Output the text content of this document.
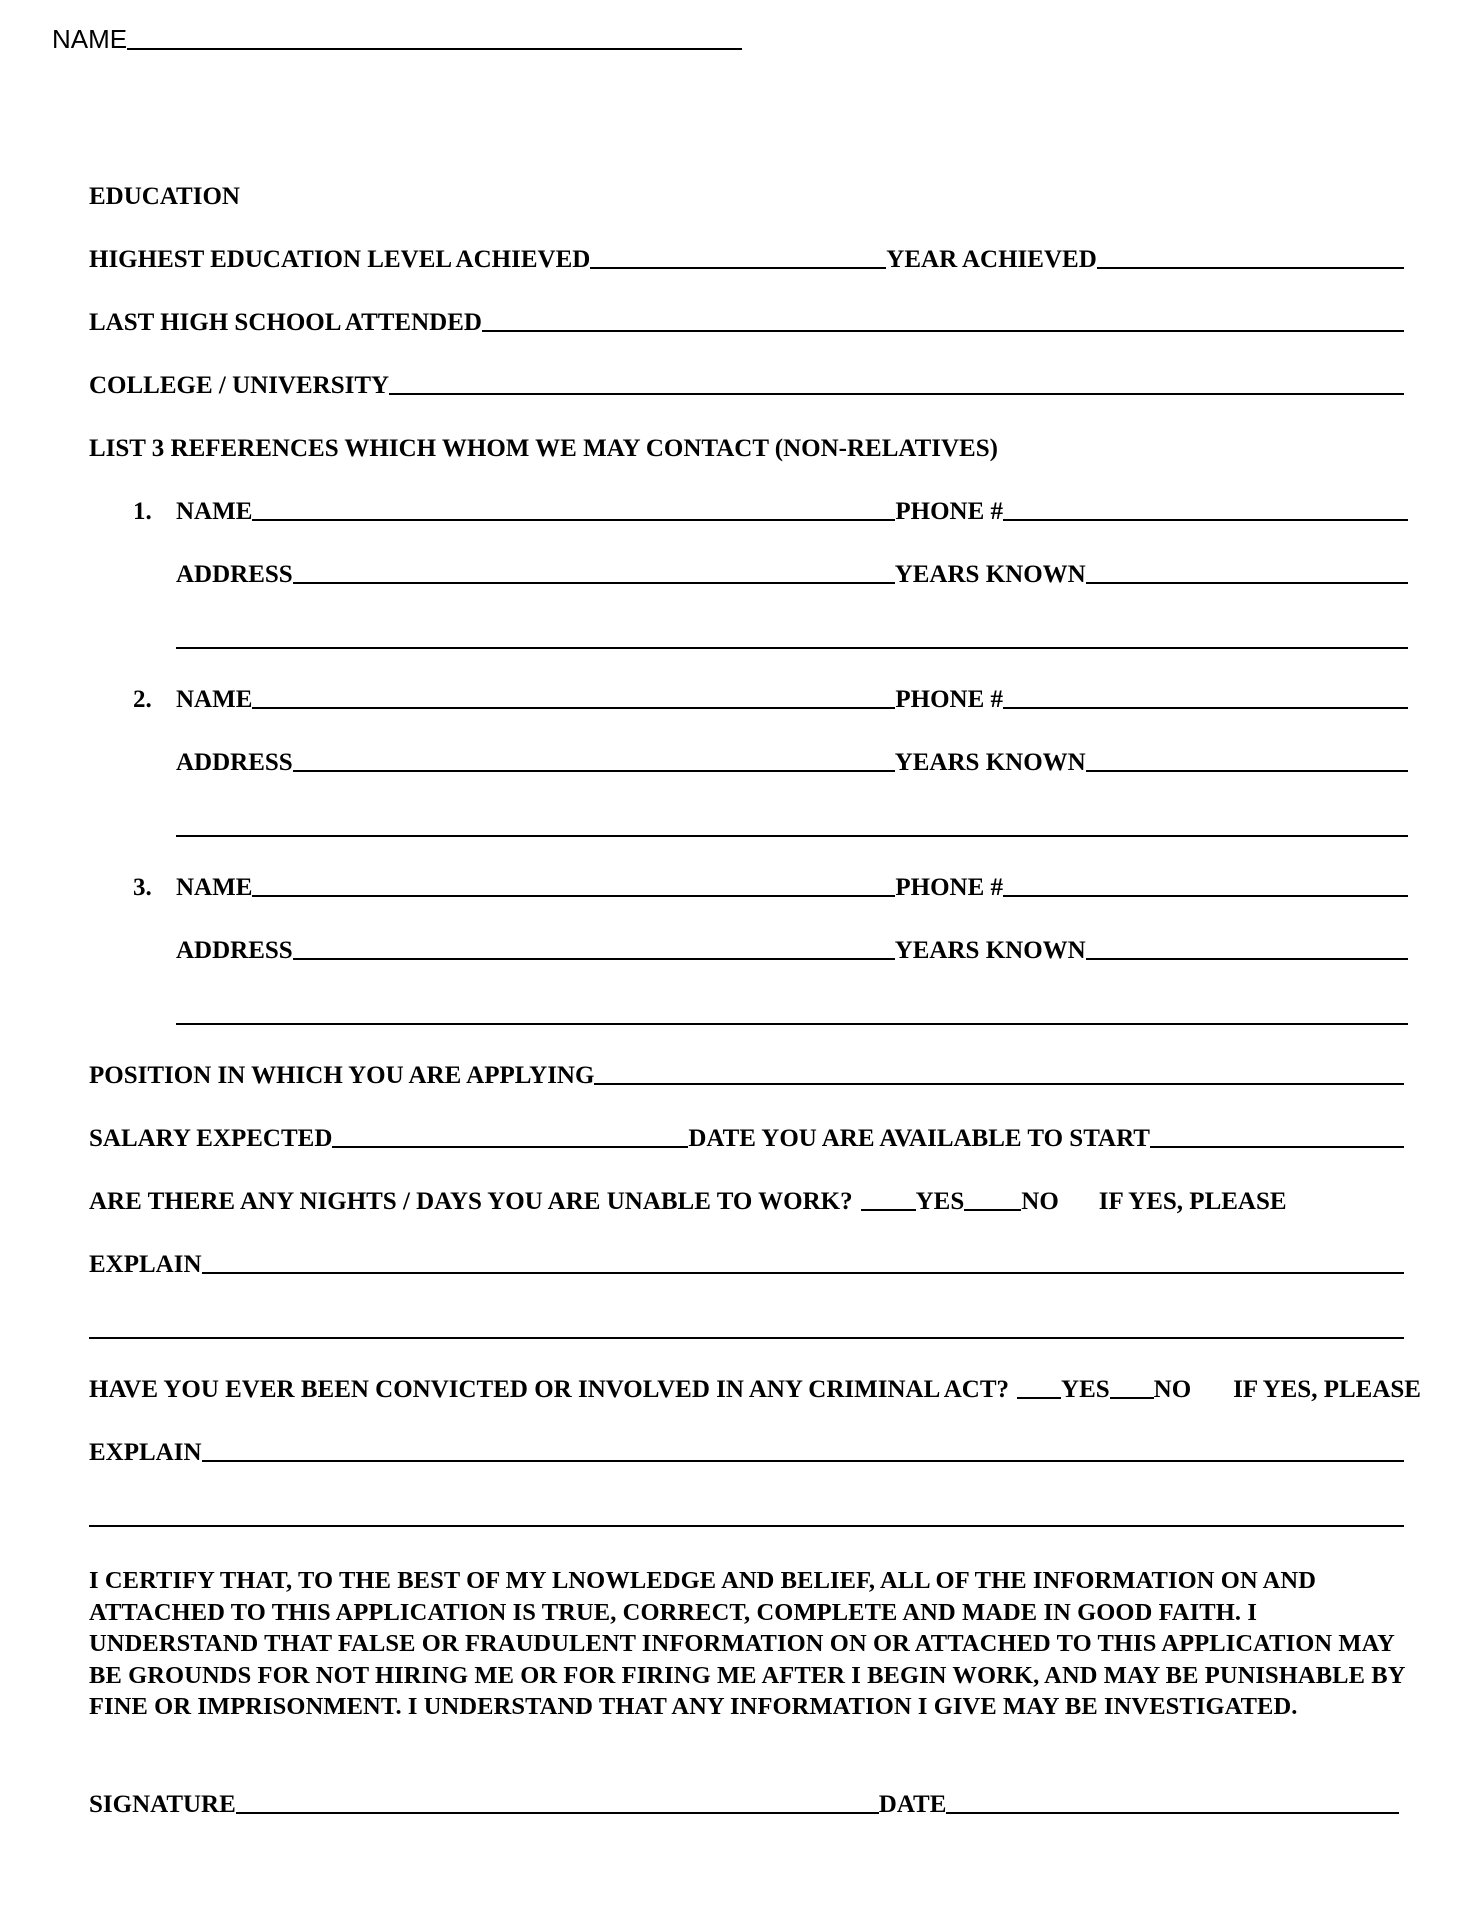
NAME
EDUCATION
HIGHEST EDUCATION LEVEL ACHIEVED	YEAR ACHIEVED
LAST HIGH SCHOOL ATTENDED
COLLEGE / UNIVERSITY
LIST 3 REFERENCES WHICH WHOM WE MAY CONTACT (NON-RELATIVES)
1. NAME	PHONE #
ADDRESS	YEARS KNOWN
2. NAME	PHONE #
ADDRESS	YEARS KNOWN
3. NAME	PHONE #
ADDRESS	YEARS KNOWN
POSITION IN WHICH YOU ARE APPLYING
SALARY EXPECTED	DATE YOU ARE AVAILABLE TO START
ARE THERE ANY NIGHTS / DAYS YOU ARE UNABLE TO WORK?	YES NO IF YES, PLEASE
EXPLAIN
HAVE YOU EVER BEEN CONVICTED OR INVOLVED IN ANY CRIMINAL ACT? YES NO IF YES, PLEASE
EXPLAIN
I CERTIFY THAT, TO THE BEST OF MY LNOWLEDGE AND BELIEF, ALL OF THE INFORMATION ON AND
ATTACHED TO THIS APPLICATION IS TRUE, CORRECT, COMPLETE AND MADE IN GOOD FAITH. I
UNDERSTAND THAT FALSE OR FRAUDULENT INFORMATION ON OR ATTACHED TO THIS APPLICATION MAY
BE GROUNDS FOR NOT HIRING ME OR FOR FIRING ME AFTER I BEGIN WORK, AND MAY BE PUNISHABLE BY
FINE OR IMPRISONMENT. I UNDERSTAND THAT ANY INFORMATION I GIVE MAY BE INVESTIGATED.
SIGNATURE	DATE
